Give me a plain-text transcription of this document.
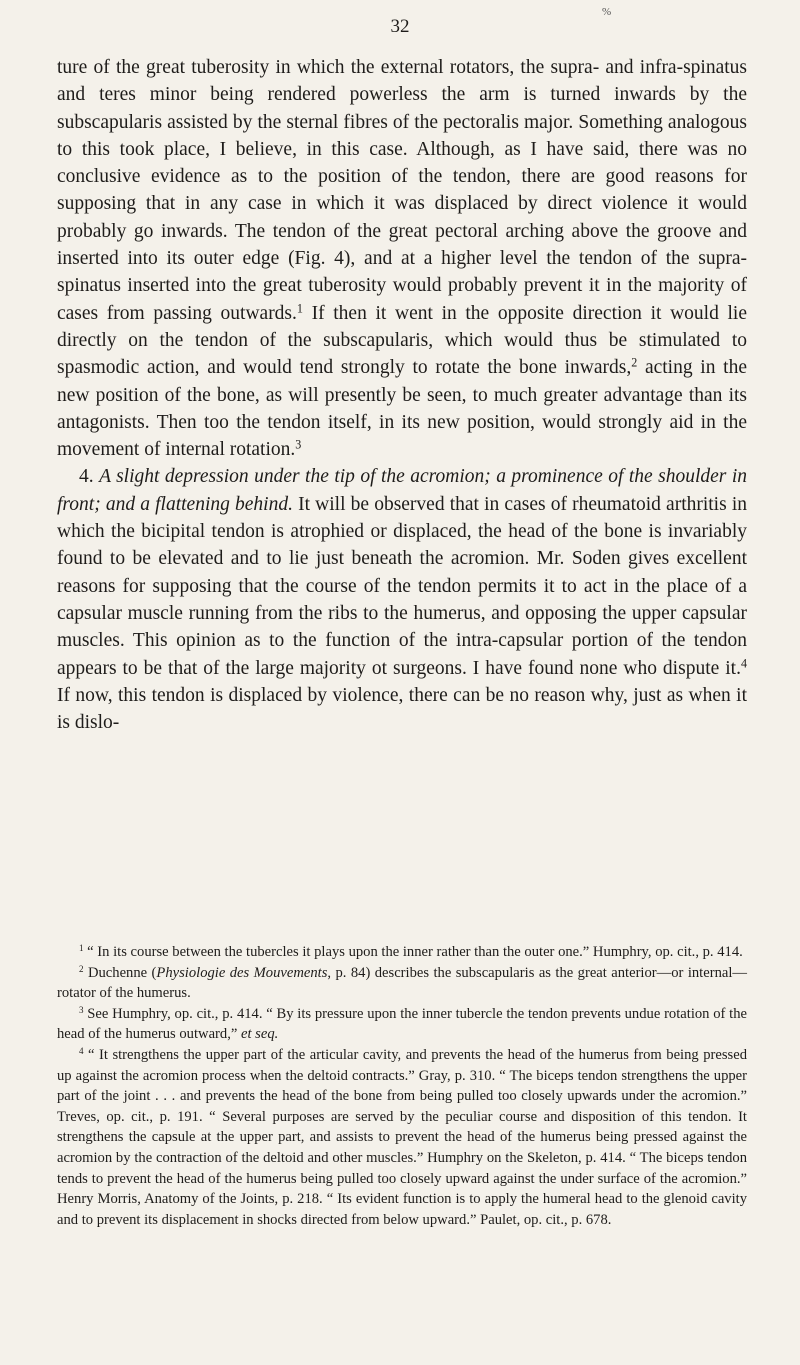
%
32

ture of the great tuberosity in which the external rotators, the supra- and infra-spinatus and teres minor being rendered powerless the arm is turned inwards by the subscapularis assisted by the sternal fibres of the pectoralis major. Something analogous to this took place, I believe, in this case. Although, as I have said, there was no conclusive evidence as to the position of the tendon, there are good reasons for supposing that in any case in which it was displaced by direct violence it would probably go inwards. The tendon of the great pectoral arching above the groove and inserted into its outer edge (Fig. 4), and at a higher level the tendon of the supra-spinatus inserted into the great tuberosity would probably prevent it in the majority of cases from passing outwards.$^1$ If then it went in the opposite direction it would lie directly on the tendon of the subscapularis, which would thus be stimulated to spasmodic action, and would tend strongly to rotate the bone inwards,$^2$ acting in the new position of the bone, as will presently be seen, to much greater advantage than its antagonists. Then too the tendon itself, in its new position, would strongly aid in the movement of internal rotation.$^3$

4. A slight depression under the tip of the acromion; a prominence of the shoulder in front; and a flattening behind. It will be observed that in cases of rheumatoid arthritis in which the bicipital tendon is atrophied or displaced, the head of the bone is invariably found to be elevated and to lie just beneath the acromion. Mr. Soden gives excellent reasons for supposing that the course of the tendon permits it to act in the place of a capsular muscle running from the ribs to the humerus, and opposing the upper capsular muscles. This opinion as to the function of the intra-capsular portion of the tendon appears to be that of the large majority ot surgeons. I have found none who dispute it.$^4$ If now, this tendon is displaced by violence, there can be no reason why, just as when it is dislo-

$^1$ “ In its course between the tubercles it plays upon the inner rather than the outer one.” Humphry, op. cit., p. 414.

$^2$ Duchenne (Physiologie des Mouvements, p. 84) describes the subscapularis as the great anterior—or internal—rotator of the humerus.

$^3$ See Humphry, op. cit., p. 414. “ By its pressure upon the inner tubercle the tendon prevents undue rotation of the head of the humerus outward,” et seq.

$^4$ “ It strengthens the upper part of the articular cavity, and prevents the head of the humerus from being pressed up against the acromion process when the deltoid contracts.” Gray, p. 310. “ The biceps tendon strengthens the upper part of the joint . . . and prevents the head of the bone from being pulled too closely upwards under the acromion.” Treves, op. cit., p. 191. “ Several purposes are served by the peculiar course and disposition of this tendon. It strengthens the capsule at the upper part, and assists to prevent the head of the humerus being pressed against the acromion by the contraction of the deltoid and other muscles.” Humphry on the Skeleton, p. 414. “ The biceps tendon tends to prevent the head of the humerus being pulled too closely upward against the under surface of the acromion.” Henry Morris, Anatomy of the Joints, p. 218. “ Its evident function is to apply the humeral head to the glenoid cavity and to prevent its displacement in shocks directed from below upward.” Paulet, op. cit., p. 678.
